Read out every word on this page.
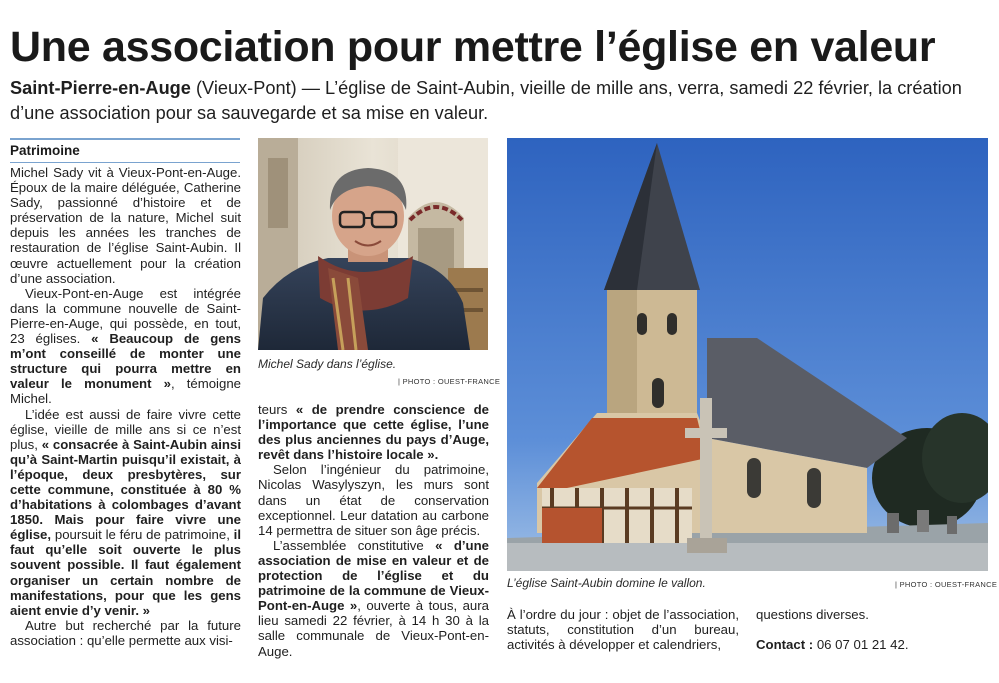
Une association pour mettre l’église en valeur

Saint-Pierre-en-Auge (Vieux-Pont) — L’église de Saint-Aubin, vieille de mille ans, verra, samedi 22 février, la création d’une association pour sa sauvegarde et sa mise en valeur.

Patrimoine

Michel Sady vit à Vieux-Pont-en-Auge. Époux de la maire déléguée, Catherine Sady, passionné d’histoire et de préservation de la nature, Michel suit depuis les années les tranches de restauration de l’église Saint-Aubin. Il œuvre actuellement pour la création d’une association.

Vieux-Pont-en-Auge est intégrée dans la commune nouvelle de Saint-Pierre-en-Auge, qui possède, en tout, 23 églises. « Beaucoup de gens m’ont conseillé de monter une structure qui pourra mettre en valeur le monument », témoigne Michel.

L’idée est aussi de faire vivre cette église, vieille de mille ans si ce n’est plus, « consacrée à Saint-Aubin ainsi qu’à Saint-Martin puisqu’il existait, à l’époque, deux presbytères, sur cette commune, constituée à 80 % d’habitations à colombages d’avant 1850. Mais pour faire vivre une église, poursuit le féru de patrimoine, il faut qu’elle soit ouverte le plus souvent possible. Il faut également organiser un certain nombre de manifestations, pour que les gens aient envie d’y venir. »

Autre but recherché par la future association : qu’elle permette aux visi-

Michel Sady dans l’église.
| PHOTO : OUEST-FRANCE

teurs « de prendre conscience de l’importance que cette église, l’une des plus anciennes du pays d’Auge, revêt dans l’histoire locale ».

Selon l’ingénieur du patrimoine, Nicolas Wasylyszyn, les murs sont dans un état de conservation exceptionnel. Leur datation au carbone 14 permettra de situer son âge précis.

L’assemblée constitutive « d’une association de mise en valeur et de protection de l’église et du patrimoine de la commune de Vieux-Pont-en-Auge », ouverte à tous, aura lieu samedi 22 février, à 14 h 30 à la salle communale de Vieux-Pont-en-Auge.

L’église Saint-Aubin domine le vallon.	| PHOTO : OUEST-FRANCE

À l’ordre du jour : objet de l’association, statuts, constitution d’un bureau, activités à développer et calendriers,

questions diverses.

Contact : 06 07 01 21 42.
